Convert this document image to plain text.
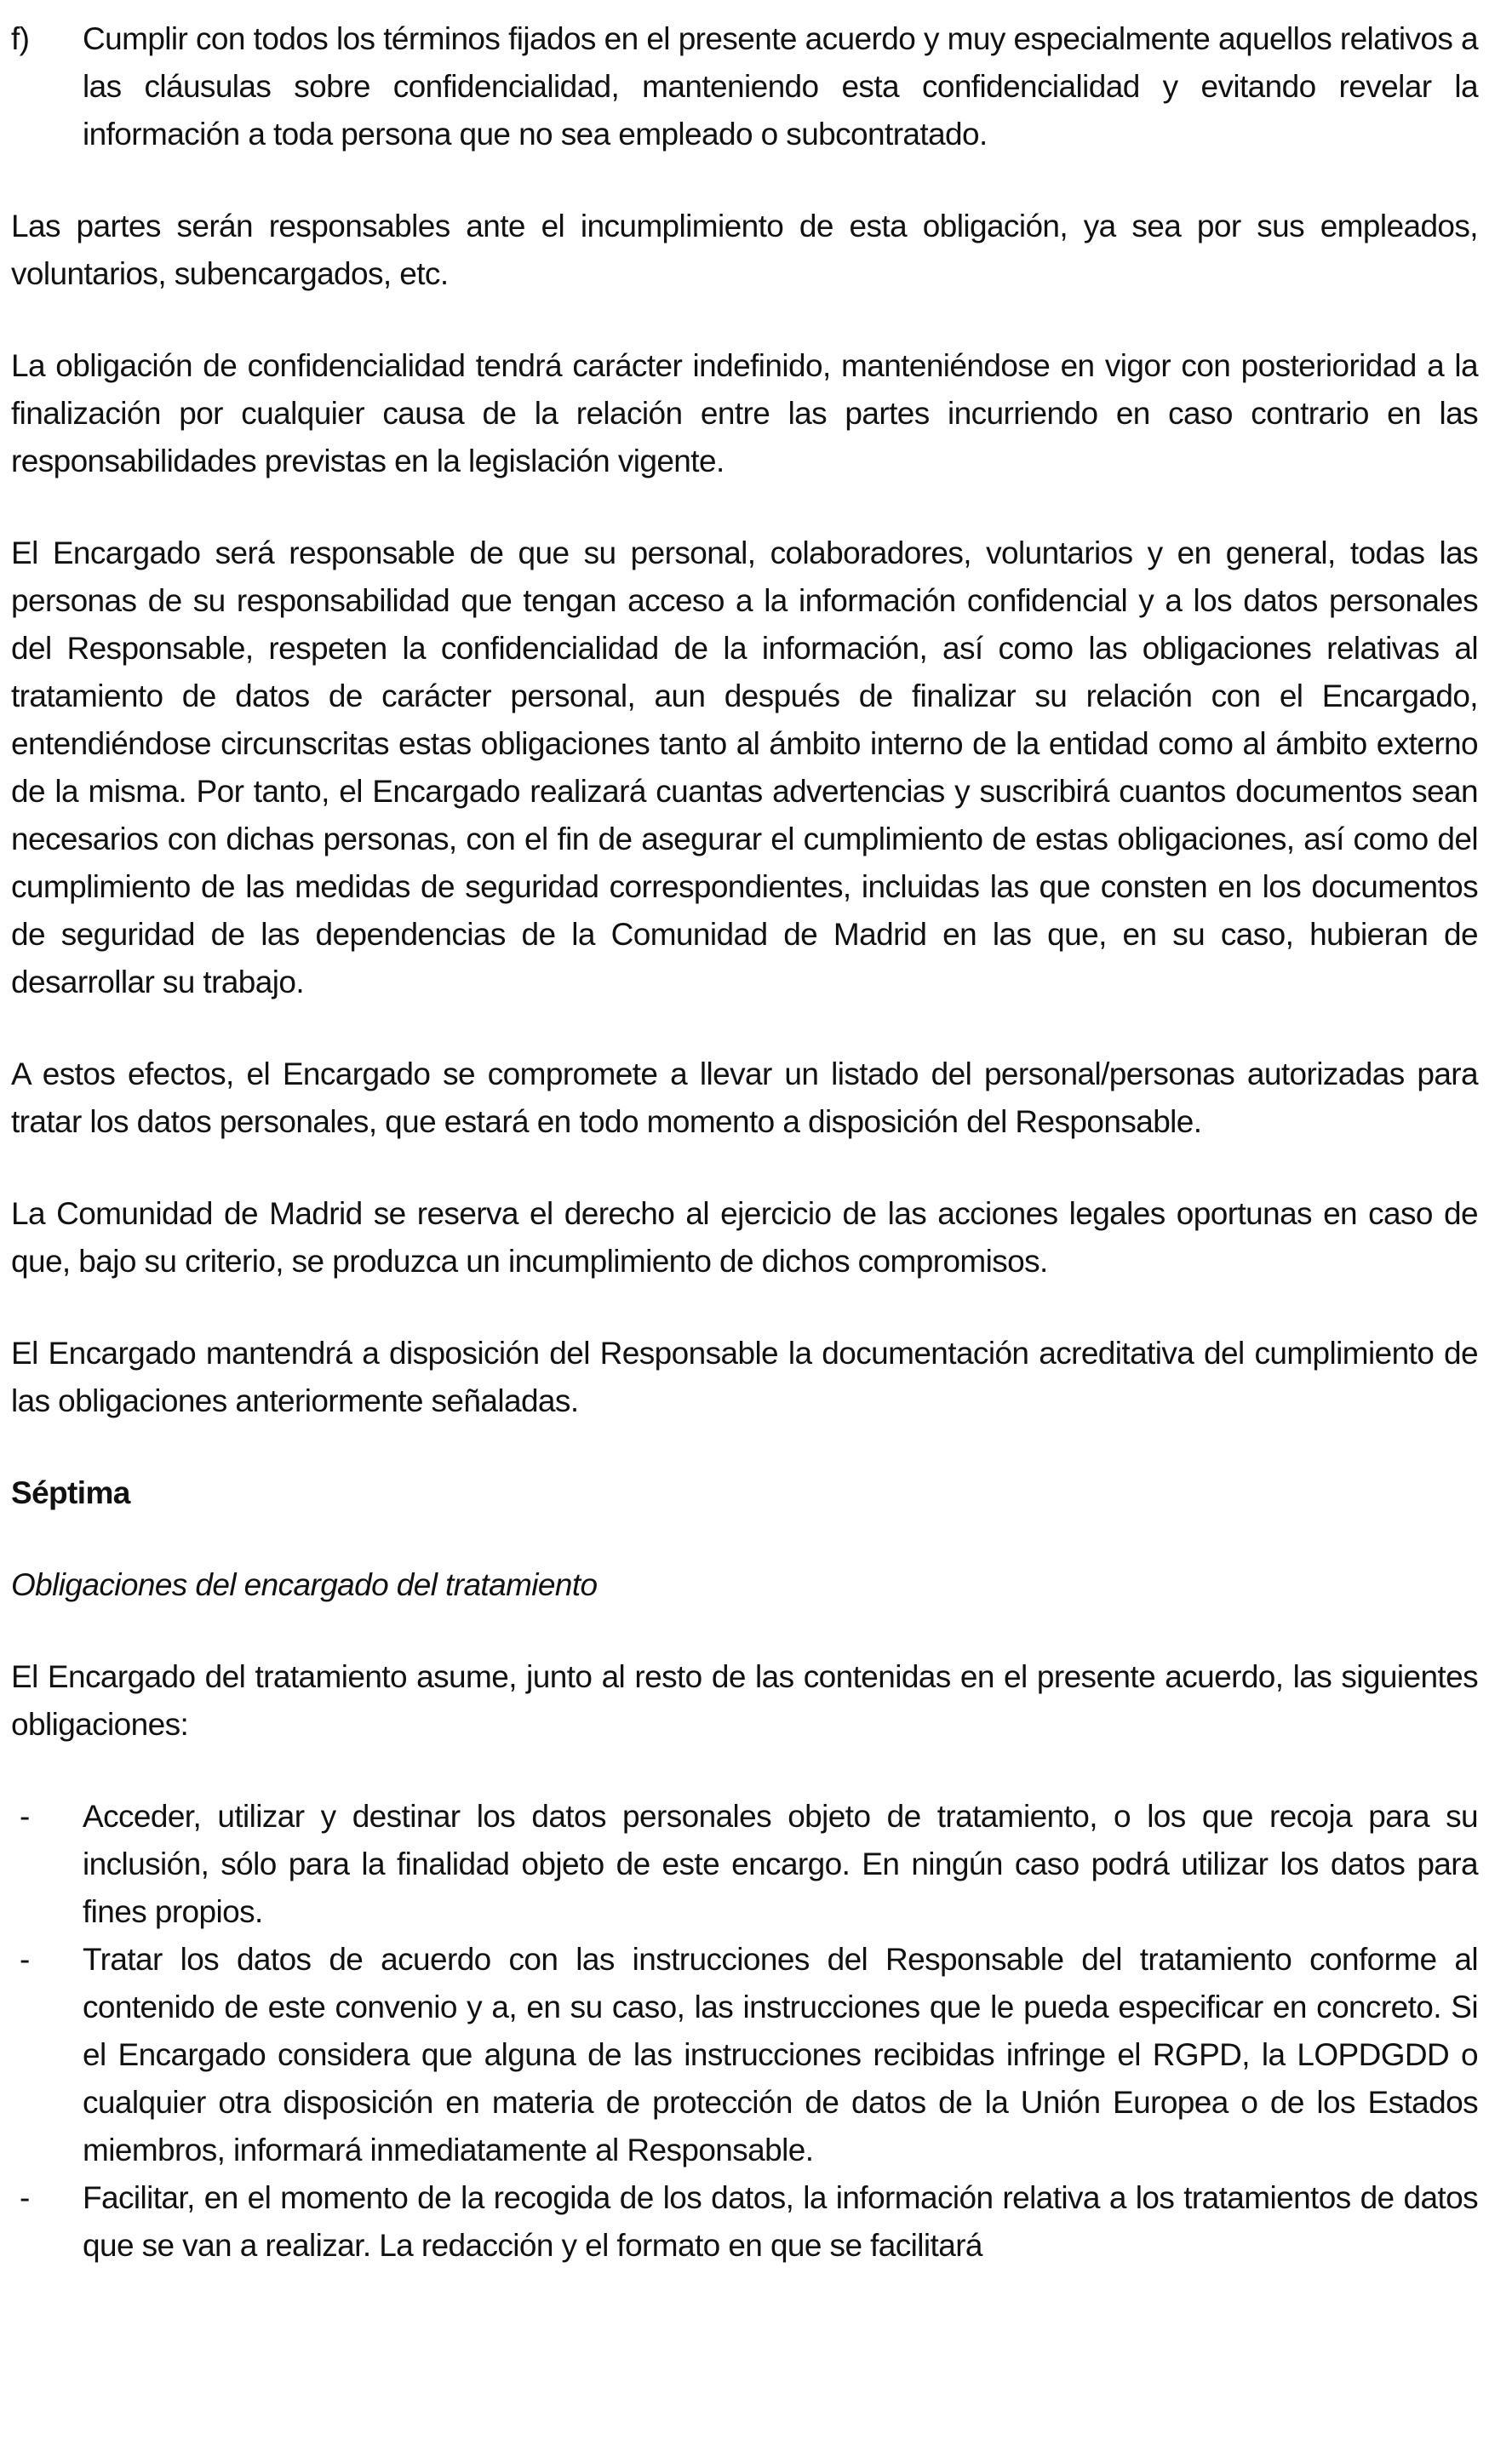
f)	Cumplir con todos los términos fijados en el presente acuerdo y muy especialmente aquellos relativos a las cláusulas sobre confidencialidad, manteniendo esta confidencialidad y evitando revelar la información a toda persona que no sea empleado o subcontratado.

Las partes serán responsables ante el incumplimiento de esta obligación, ya sea por sus empleados, voluntarios, subencargados, etc.

La obligación de confidencialidad tendrá carácter indefinido, manteniéndose en vigor con posterioridad a la finalización por cualquier causa de la relación entre las partes incurriendo en caso contrario en las responsabilidades previstas en la legislación vigente.

El Encargado será responsable de que su personal, colaboradores, voluntarios y en general, todas las personas de su responsabilidad que tengan acceso a la información confidencial y a los datos personales del Responsable, respeten la confidencialidad de la información, así como las obligaciones relativas al tratamiento de datos de carácter personal, aun después de finalizar su relación con el Encargado, entendiéndose circunscritas estas obligaciones tanto al ámbito interno de la entidad como al ámbito externo de la misma. Por tanto, el Encargado realizará cuantas advertencias y suscribirá cuantos documentos sean necesarios con dichas personas, con el fin de asegurar el cumplimiento de estas obligaciones, así como del cumplimiento de las medidas de seguridad correspondientes, incluidas las que consten en los documentos de seguridad de las dependencias de la Comunidad de Madrid en las que, en su caso, hubieran de desarrollar su trabajo.

A estos efectos, el Encargado se compromete a llevar un listado del personal/personas autorizadas para tratar los datos personales, que estará en todo momento a disposición del Responsable.

La Comunidad de Madrid se reserva el derecho al ejercicio de las acciones legales oportunas en caso de que, bajo su criterio, se produzca un incumplimiento de dichos compromisos.

El Encargado mantendrá a disposición del Responsable la documentación acreditativa del cumplimiento de las obligaciones anteriormente señaladas.

Séptima

Obligaciones del encargado del tratamiento

El Encargado del tratamiento asume, junto al resto de las contenidas en el presente acuerdo, las siguientes obligaciones:

-	Acceder, utilizar y destinar los datos personales objeto de tratamiento, o los que recoja para su inclusión, sólo para la finalidad objeto de este encargo. En ningún caso podrá utilizar los datos para fines propios.
-	Tratar los datos de acuerdo con las instrucciones del Responsable del tratamiento conforme al contenido de este convenio y a, en su caso, las instrucciones que le pueda especificar en concreto. Si el Encargado considera que alguna de las instrucciones recibidas infringe el RGPD, la LOPDGDD o cualquier otra disposición en materia de protección de datos de la Unión Europea o de los Estados miembros, informará inmediatamente al Responsable.
-	Facilitar, en el momento de la recogida de los datos, la información relativa a los tratamientos de datos que se van a realizar. La redacción y el formato en que se facilitará
